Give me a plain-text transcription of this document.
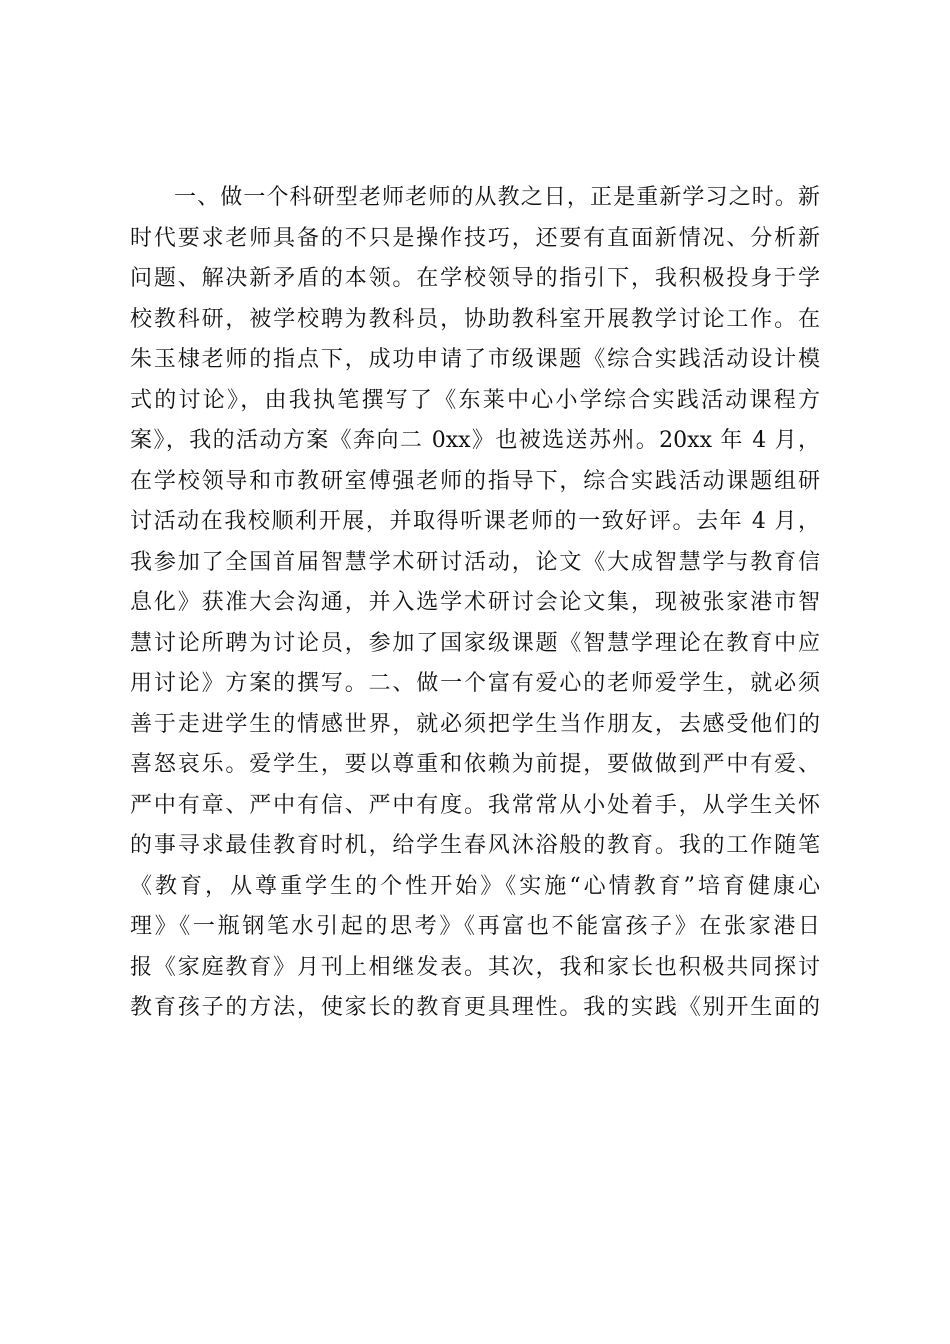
一、做一个科研型老师老师的从教之日，正是重新学习之时。新
时代要求老师具备的不只是操作技巧，还要有直面新情况、分析新
问题、解决新矛盾的本领。在学校领导的指引下，我积极投身于学
校教科研，被学校聘为教科员，协助教科室开展教学讨论工作。在
朱玉棣老师的指点下，成功申请了市级课题《综合实践活动设计模
式的讨论》，由我执笔撰写了《东莱中心小学综合实践活动课程方
案》，我的活动方案《奔向二 0xx》也被选送苏州。20xx 年 4 月，
在学校领导和市教研室傅强老师的指导下，综合实践活动课题组研
讨活动在我校顺利开展，并取得听课老师的一致好评。去年 4 月，
我参加了全国首届智慧学术研讨活动，论文《大成智慧学与教育信
息化》获准大会沟通，并入选学术研讨会论文集，现被张家港市智
慧讨论所聘为讨论员，参加了国家级课题《智慧学理论在教育中应
用讨论》方案的撰写。二、做一个富有爱心的老师爱学生，就必须
善于走进学生的情感世界，就必须把学生当作朋友，去感受他们的
喜怒哀乐。爱学生，要以尊重和依赖为前提，要做做到严中有爱、
严中有章、严中有信、严中有度。我常常从小处着手，从学生关怀
的事寻求最佳教育时机，给学生春风沐浴般的教育。我的工作随笔
《教育，从尊重学生的个性开始》《实施“心情教育”培育健康心
理》《一瓶钢笔水引起的思考》《再富也不能富孩子》在张家港日
报《家庭教育》月刊上相继发表。其次，我和家长也积极共同探讨
教育孩子的方法，使家长的教育更具理性。我的实践《别开生面的
